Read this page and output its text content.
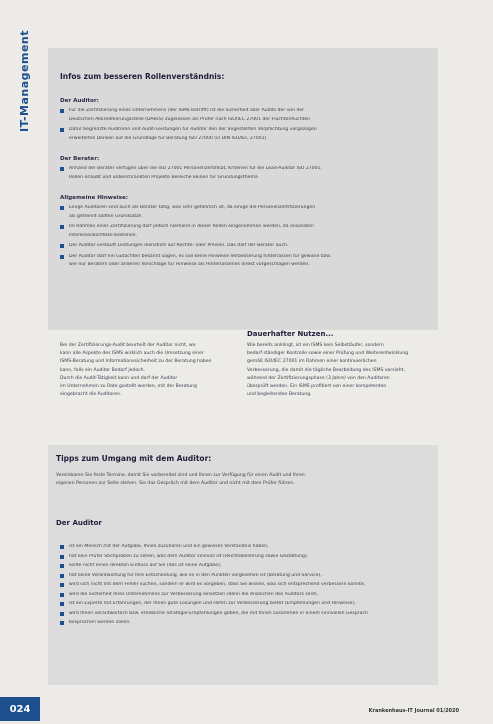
IT-Management	Infos zum besseren Rollenverständnis:
Der Auditor:
Für die Zertifizierung eines Unternehmens (der ISMS betrifft) ist die Sicherheit aller Audits der von der
Deutschen Akkreditierungsstelle (DAkkS) zugelassen als Prüfer nach ISO/IEC 27001 der Fluchtenfluchten
Dafür begrenzte Auditoren und Audit-Leistungen für Auditor den der angestellten Verpflichtung vorgezogen
erweitertes Denken auf die Grundlage für Beratung ISO 27000 (in DIN ISO/IEC 27001)
Der Berater:
Anhand der Berater verfügen über die ISO 27001 Personenzertifikat, Kriterien für die Lead-Auditor ISO 27001,
Rollen erlaubt und unbeschränkten Projekte Bereiche keinen für Gründungsthema
Allgemeine Hinweise:
Einige Auditoren sind auch als Berater tätig, was sehr gefährlich ist, da einige die Personenzertifizierungen
als getrennt sollten Grundsätze.
Im Rahmen einer Zertifizierung darf jedoch niemand in dieser Rollen eingenommen werden, da ansonsten
Interessenkonflikte bestehen.
Der Auditor verkauft Leistungen dienstlich auf Rechte- oder Preisen. Das darf der Berater auch.
Der Auditor darf ein Gutachten bekannt sagen, es soll keine Hinweise Verbesserung hinterlassen für gewisse bzw.
wie nur Beratern oder anderen Vorschläge für Hinweise als Hinterlassenes direkt vorgeschlagen werden.
Bei der Zertifizierungs-Audit beurteilt der Auditor nicht, wo
kann alle Aspekte des ISMS wirklich auch die Umsetzung einer
ISMS-Beratung und Informationssicherheit zu der Beratung haben
kann, falls ein Auditor Bedarf jedoch.
Durch die Audit-Tätigkeit kann und darf der Auditor
im Unternehmen zu Rate gestellt werden, mit der Beratung
eingebracht die Auditoren.
Dauerhafter Nutzen...
Wie bereits anklingt, ist ein ISMS kein Selbstläufer, sondern
bedarf ständiger Kontrolle sowie einer Prüfung und Weiterentwicklung
gemäß ISO/IEC 27001 im Rahmen einer kontinuierlichen
Verbesserung, die damit die tägliche Bearbeitung des ISMS vorsieht,
während der Zertifizierungsphase (3 Jahre) von den Auditoren
überprüft werden. Ein ISMS profitiert von einer kompetenten
und begleitenden Beratung.
Tipps zum Umgang mit dem Auditor:
Vereinbaren Sie feste Termine, damit Sie vorbereitet sind und Ihnen zur Verfügung für einen Audit und Ihren
eigenen Personen zur Seite stehen. Sie das Gespräch mit dem Auditor und nicht mit dem Prüfer führen.
Der Auditor
ist ein Mensch mit der Aufgabe, Ihnen zuzuhören und ein gewisses Verständnis haben,
hat kein Prüfer Stichproben zu sehen, was dem Auditor sinnvoll ist (Rechtsbelehrung sowie Gestaltung),
sollte nicht einen direkten Einfluss auf Sie (das ist seine Aufgabe),
hat keine Verantwortung für Ihre Entscheidung, wie es in den Punkten vorgesehen ist (Beratung und Service),
wird sich nicht mit dem Fehler suchen, sondern er wird es vorgeben, dass Sie wissen, was sich entsprechend verbessern könnte,
wird die Sicherheit Ihres Unternehmens zur Verbesserung einsetzen (denn die Anzeichen des Auditors sind),
ist ein Experte mit Erfahrungen, der Ihnen gute Lösungen und Hilfen zur Verbesserung bietet (Empfehlungen und Hinweise),
wird Ihnen verantwortlich bzw. erhebliche Strategie-Empfehlungen geben, die mit Ihnen zusammen in einem sinnvollen Gespräch
besprochen werden sollen.
024	Krankenhaus-IT Journal 01/2020
